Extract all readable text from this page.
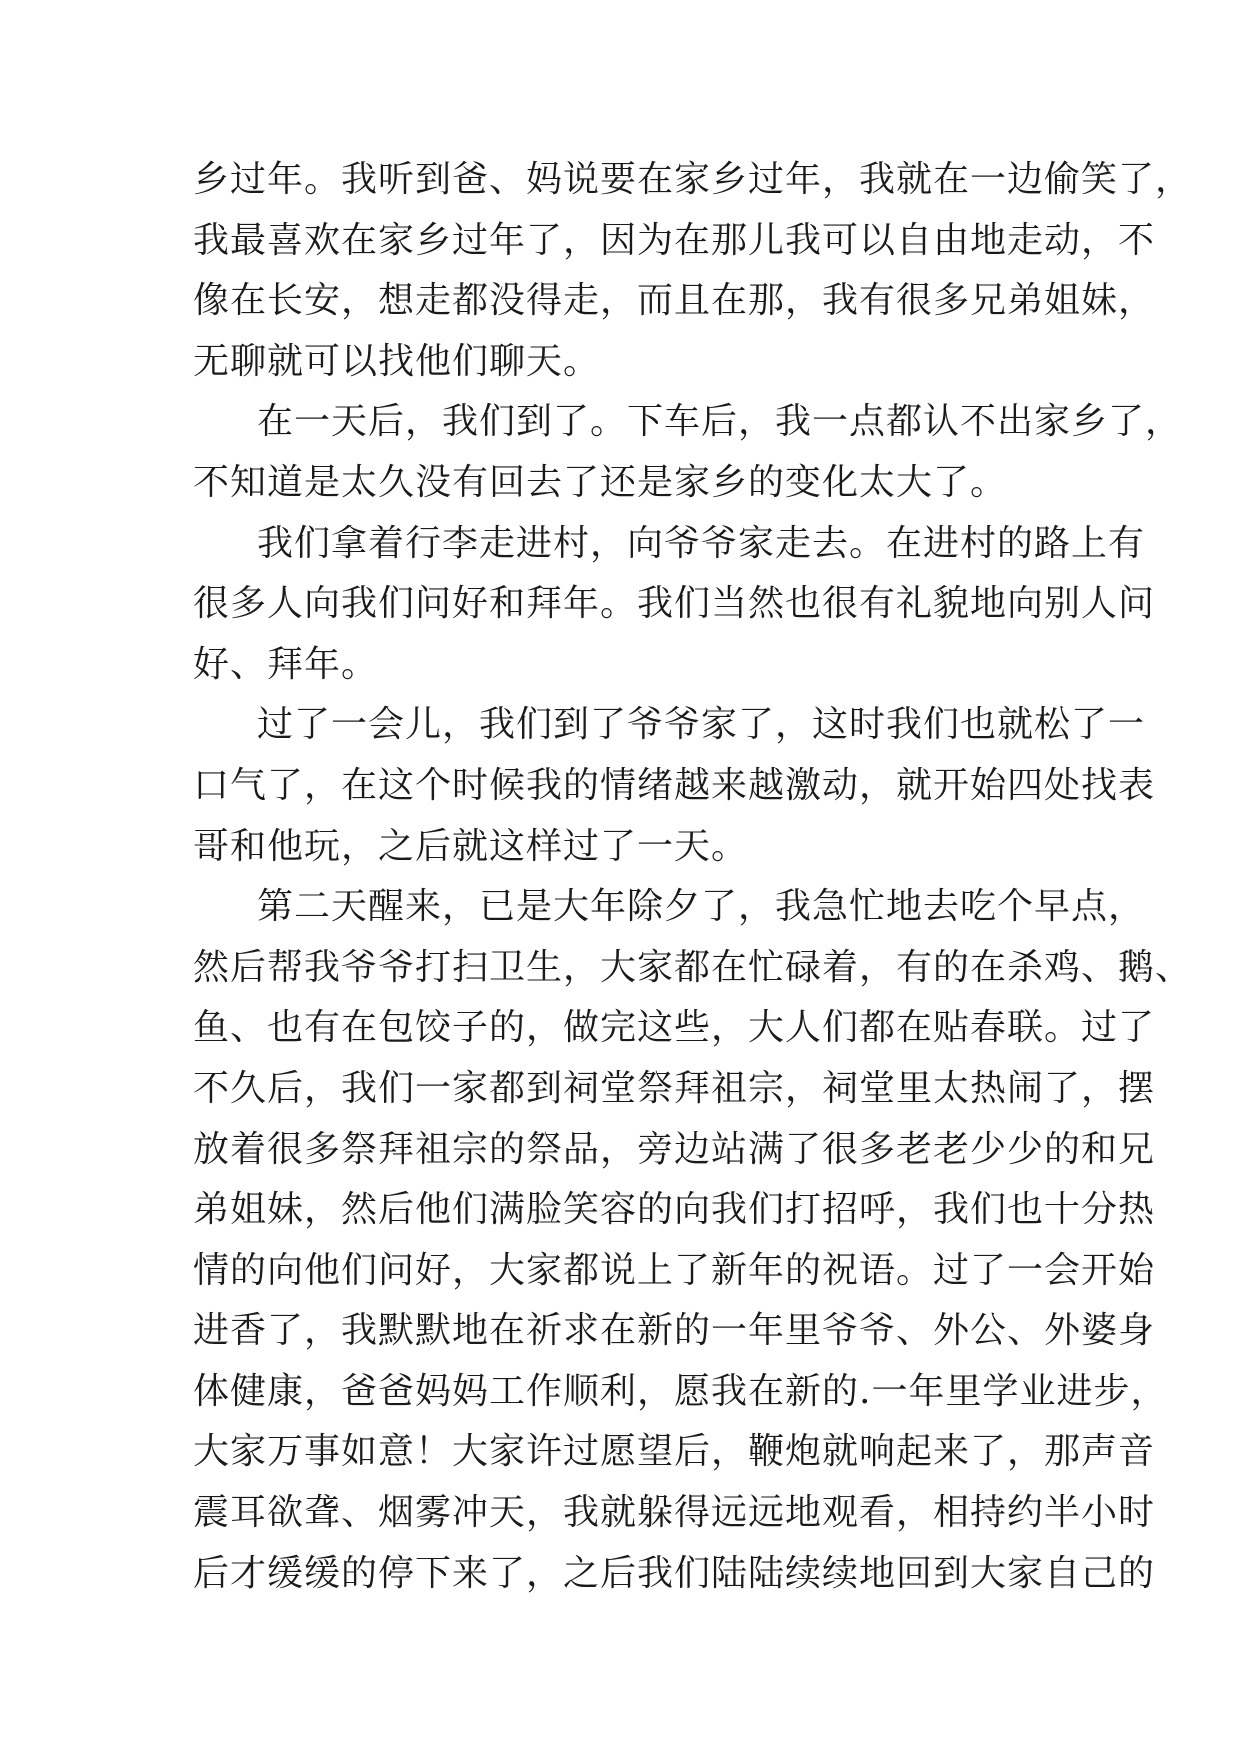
乡过年。我听到爸、妈说要在家乡过年，我就在一边偷笑了，
我最喜欢在家乡过年了，因为在那儿我可以自由地走动，不
像在长安，想走都没得走，而且在那，我有很多兄弟姐妹，
无聊就可以找他们聊天。
在一天后，我们到了。下车后，我一点都认不出家乡了，
不知道是太久没有回去了还是家乡的变化太大了。
我们拿着行李走进村，向爷爷家走去。在进村的路上有
很多人向我们问好和拜年。我们当然也很有礼貌地向别人问
好、拜年。
过了一会儿，我们到了爷爷家了，这时我们也就松了一
口气了，在这个时候我的情绪越来越激动，就开始四处找表
哥和他玩，之后就这样过了一天。
第二天醒来，已是大年除夕了，我急忙地去吃个早点，
然后帮我爷爷打扫卫生，大家都在忙碌着，有的在杀鸡、鹅、
鱼、也有在包饺子的，做完这些，大人们都在贴春联。过了
不久后，我们一家都到祠堂祭拜祖宗，祠堂里太热闹了，摆
放着很多祭拜祖宗的祭品，旁边站满了很多老老少少的和兄
弟姐妹，然后他们满脸笑容的向我们打招呼，我们也十分热
情的向他们问好，大家都说上了新年的祝语。过了一会开始
进香了，我默默地在祈求在新的一年里爷爷、外公、外婆身
体健康，爸爸妈妈工作顺利，愿我在新的.一年里学业进步，
大家万事如意！大家许过愿望后，鞭炮就响起来了，那声音
震耳欲聋、烟雾冲天，我就躲得远远地观看，相持约半小时
后才缓缓的停下来了，之后我们陆陆续续地回到大家自己的
